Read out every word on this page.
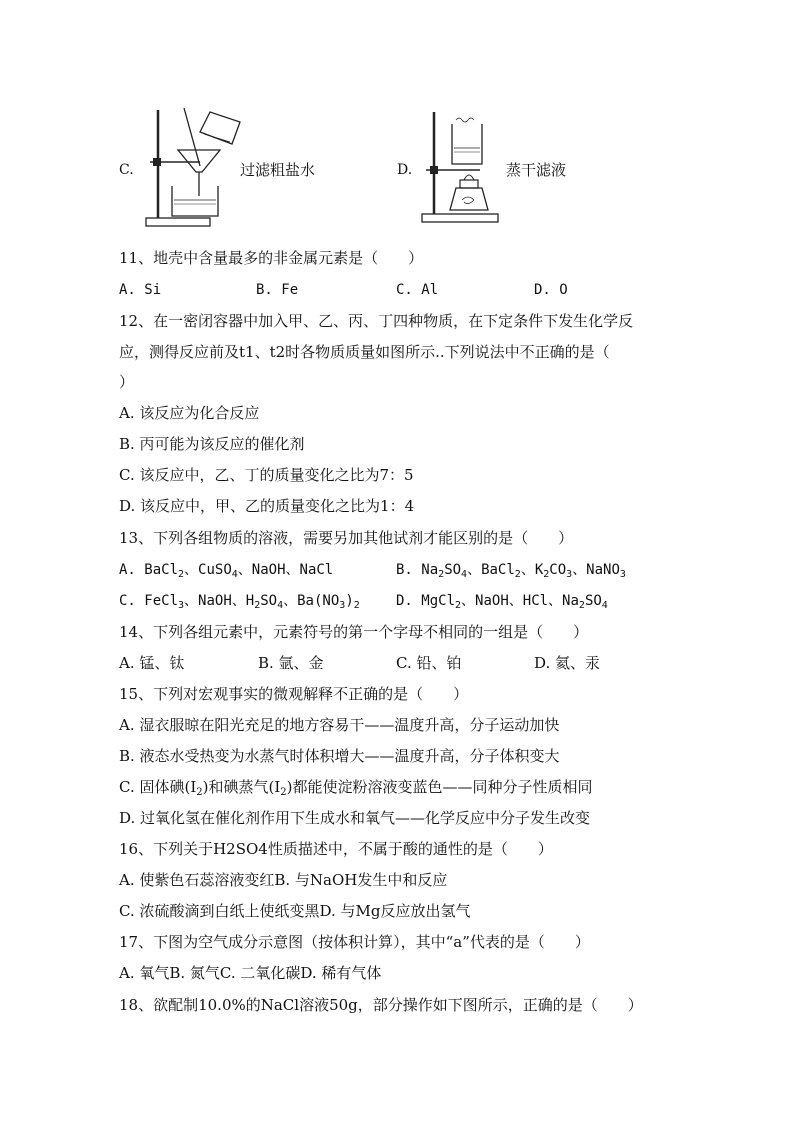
C.	过滤粗盐水	D.	蒸干滤液
11、地壳中含量最多的非金属元素是（　　）
A. Si	B. Fe	C. Al	D. O
12、在一密闭容器中加入甲、乙、丙、丁四种物质，在下定条件下发生化学反
应，测得反应前及t1、t2时各物质质量如图所示..下列说法中不正确的是（
）
A. 该反应为化合反应
B. 丙可能为该反应的催化剂
C. 该反应中，乙、丁的质量变化之比为7：5
D. 该反应中，甲、乙的质量变化之比为1：4
13、下列各组物质的溶液，需要另加其他试剂才能区别的是（　　）
A. BaCl$_2$、CuSO$_4$、NaOH、NaCl	B. $Na_2SO_4$、BaCl$_2$、$K_2CO_3$、NaNO$_3$
C. FeCl$_3$、NaOH、$H_2SO_4$、$Ba(NO_3)_2$	D. MgCl$_2$、NaOH、HCl、$Na_2SO_4$
14、下列各组元素中，元素符号的第一个字母不相同的一组是（　　）
A. 锰、钛	B. 氩、金	C. 铅、铂	D. 氦、汞
15、下列对宏观事实的微观解释不正确的是（　　）
A. 湿衣服晾在阳光充足的地方容易干——温度升高，分子运动加快
B. 液态水受热变为水蒸气时体积增大——温度升高，分子体积变大
C. 固体碘$(I_2)$和碘蒸气$(I_2)$都能使淀粉溶液变蓝色——同种分子性质相同
D. 过氧化氢在催化剂作用下生成水和氧气——化学反应中分子发生改变
16、下列关于H2SO4性质描述中，不属于酸的通性的是（　　）
A. 使紫色石蕊溶液变红B. 与NaOH发生中和反应
C. 浓硫酸滴到白纸上使纸变黑D. 与Mg反应放出氢气
17、下图为空气成分示意图（按体积计算），其中“a”代表的是（　　）
A. 氧气B. 氮气C. 二氧化碳D. 稀有气体
18、欲配制10.0%的NaCl溶液50g，部分操作如下图所示，正确的是（　　）
